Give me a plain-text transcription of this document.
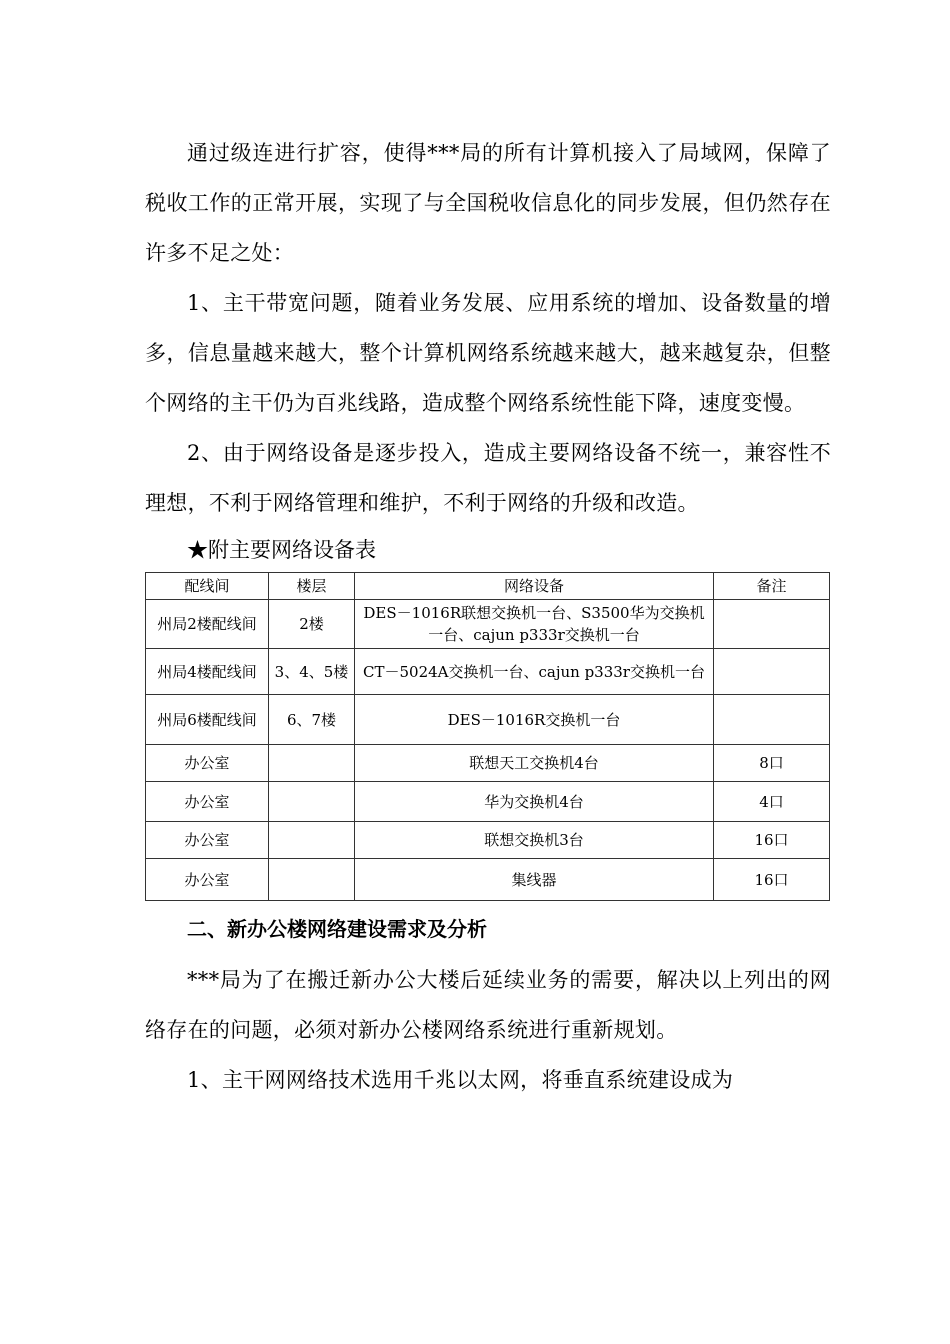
通过级连进行扩容，使得***局的所有计算机接入了局域网，保障了税收工作的正常开展，实现了与全国税收信息化的同步发展，但仍然存在许多不足之处：

1、主干带宽问题，随着业务发展、应用系统的增加、设备数量的增多，信息量越来越大，整个计算机网络系统越来越大，越来越复杂，但整个网络的主干仍为百兆线路，造成整个网络系统性能下降，速度变慢。

2、由于网络设备是逐步投入，造成主要网络设备不统一，兼容性不理想，不利于网络管理和维护，不利于网络的升级和改造。

★附主要网络设备表

配线间	楼层	网络设备	备注
州局2楼配线间	2楼	DES－1016R联想交换机一台、S3500华为交换机一台、cajun p333r交换机一台	
州局4楼配线间	3、4、5楼	CT－5024A交换机一台、cajun p333r交换机一台	
州局6楼配线间	6、7楼	DES－1016R交换机一台	
办公室		联想天工交换机4台	8口
办公室		华为交换机4台	4口
办公室		联想交换机3台	16口
办公室		集线器	16口

二、新办公楼网络建设需求及分析

***局为了在搬迁新办公大楼后延续业务的需要，解决以上列出的网络存在的问题，必须对新办公楼网络系统进行重新规划。

1、主干网网络技术选用千兆以太网，将垂直系统建设成为
